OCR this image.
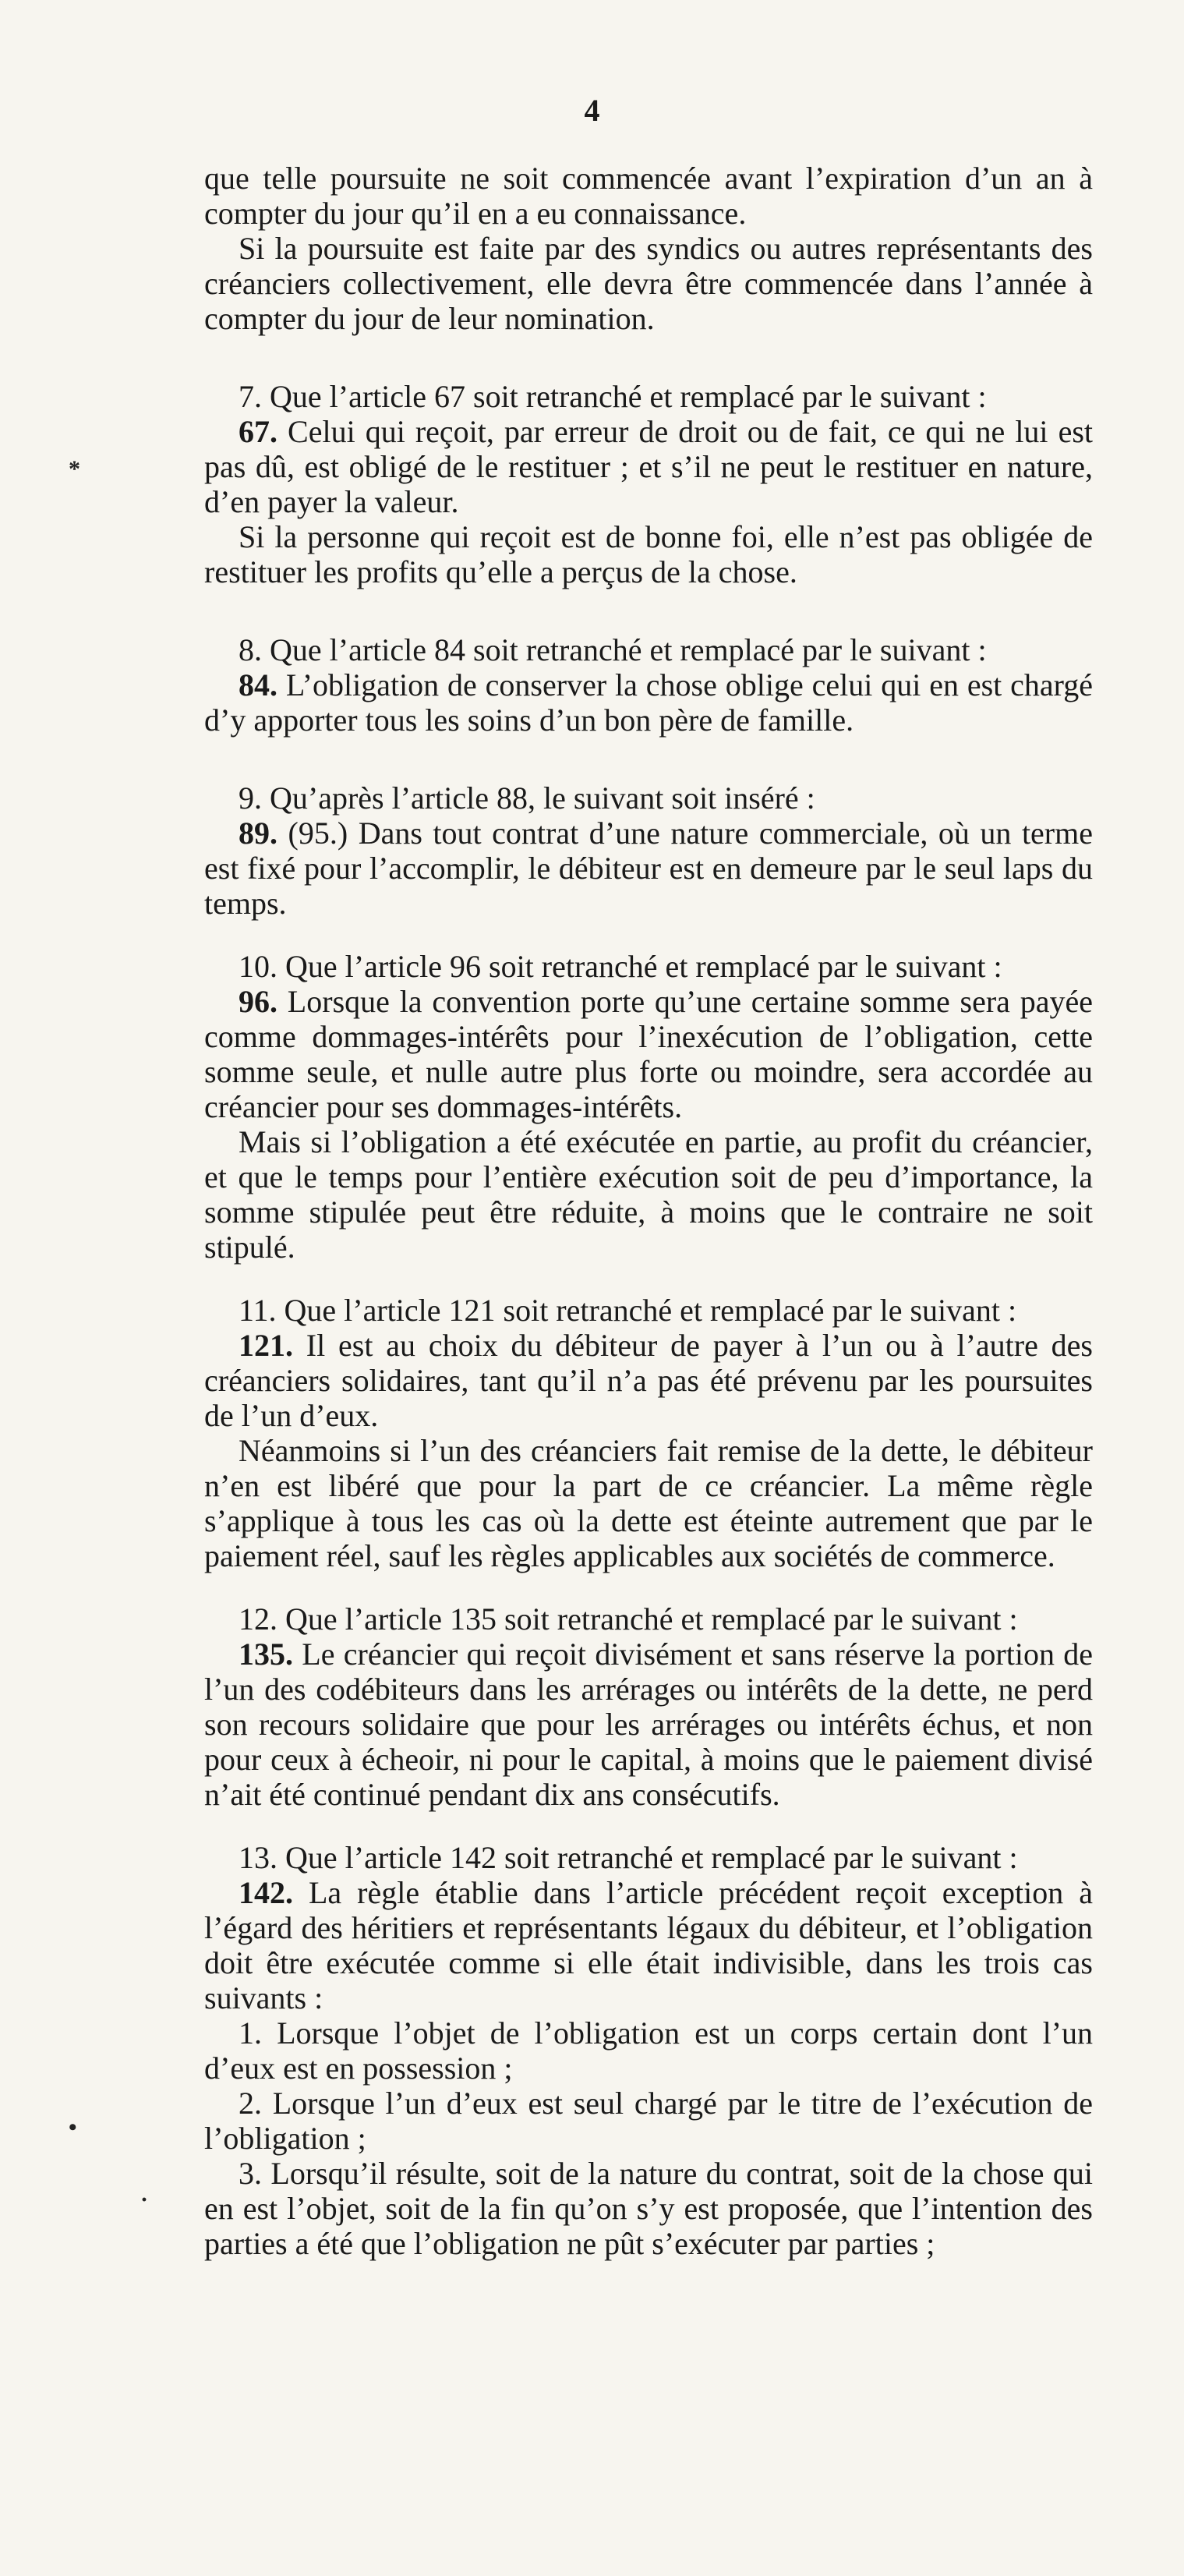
4
*
•
·

que telle poursuite ne soit commencée avant l’expiration d’un an à compter du jour qu’il en a eu connaissance.

Si la poursuite est faite par des syndics ou autres représentants des créanciers collectivement, elle devra être commencée dans l’année à compter du jour de leur nomination.

7. Que l’article 67 soit retranché et remplacé par le suivant :

67. Celui qui reçoit, par erreur de droit ou de fait, ce qui ne lui est pas dû, est obligé de le restituer ; et s’il ne peut le restituer en nature, d’en payer la valeur.

Si la personne qui reçoit est de bonne foi, elle n’est pas obligée de restituer les profits qu’elle a perçus de la chose.

8. Que l’article 84 soit retranché et remplacé par le suivant :

84. L’obligation de conserver la chose oblige celui qui en est chargé d’y apporter tous les soins d’un bon père de famille.

9. Qu’après l’article 88, le suivant soit inséré :

89. (95.) Dans tout contrat d’une nature commerciale, où un terme est fixé pour l’accomplir, le débiteur est en demeure par le seul laps du temps.

10. Que l’article 96 soit retranché et remplacé par le suivant :

96. Lorsque la convention porte qu’une certaine somme sera payée comme dommages-intérêts pour l’inexécution de l’obligation, cette somme seule, et nulle autre plus forte ou moindre, sera accordée au créancier pour ses dommages-intérêts.

Mais si l’obligation a été exécutée en partie, au profit du créancier, et que le temps pour l’entière exécution soit de peu d’importance, la somme stipulée peut être réduite, à moins que le contraire ne soit stipulé.

11. Que l’article 121 soit retranché et remplacé par le suivant :

121. Il est au choix du débiteur de payer à l’un ou à l’autre des créanciers solidaires, tant qu’il n’a pas été prévenu par les poursuites de l’un d’eux.

Néanmoins si l’un des créanciers fait remise de la dette, le débiteur n’en est libéré que pour la part de ce créancier. La même règle s’applique à tous les cas où la dette est éteinte autrement que par le paiement réel, sauf les règles applicables aux sociétés de commerce.

12. Que l’article 135 soit retranché et remplacé par le suivant :

135. Le créancier qui reçoit divisément et sans réserve la portion de l’un des codébiteurs dans les arrérages ou intérêts de la dette, ne perd son recours solidaire que pour les arrérages ou intérêts échus, et non pour ceux à écheoir, ni pour le capital, à moins que le paiement divisé n’ait été continué pendant dix ans consécutifs.

13. Que l’article 142 soit retranché et remplacé par le suivant :

142. La règle établie dans l’article précédent reçoit exception à l’égard des héritiers et représentants légaux du débiteur, et l’obligation doit être exécutée comme si elle était indivisible, dans les trois cas suivants :

1. Lorsque l’objet de l’obligation est un corps certain dont l’un d’eux est en possession ;

2. Lorsque l’un d’eux est seul chargé par le titre de l’exécution de l’obligation ;

3. Lorsqu’il résulte, soit de la nature du contrat, soit de la chose qui en est l’objet, soit de la fin qu’on s’y est proposée, que l’intention des parties a été que l’obligation ne pût s’exécuter par parties ;
